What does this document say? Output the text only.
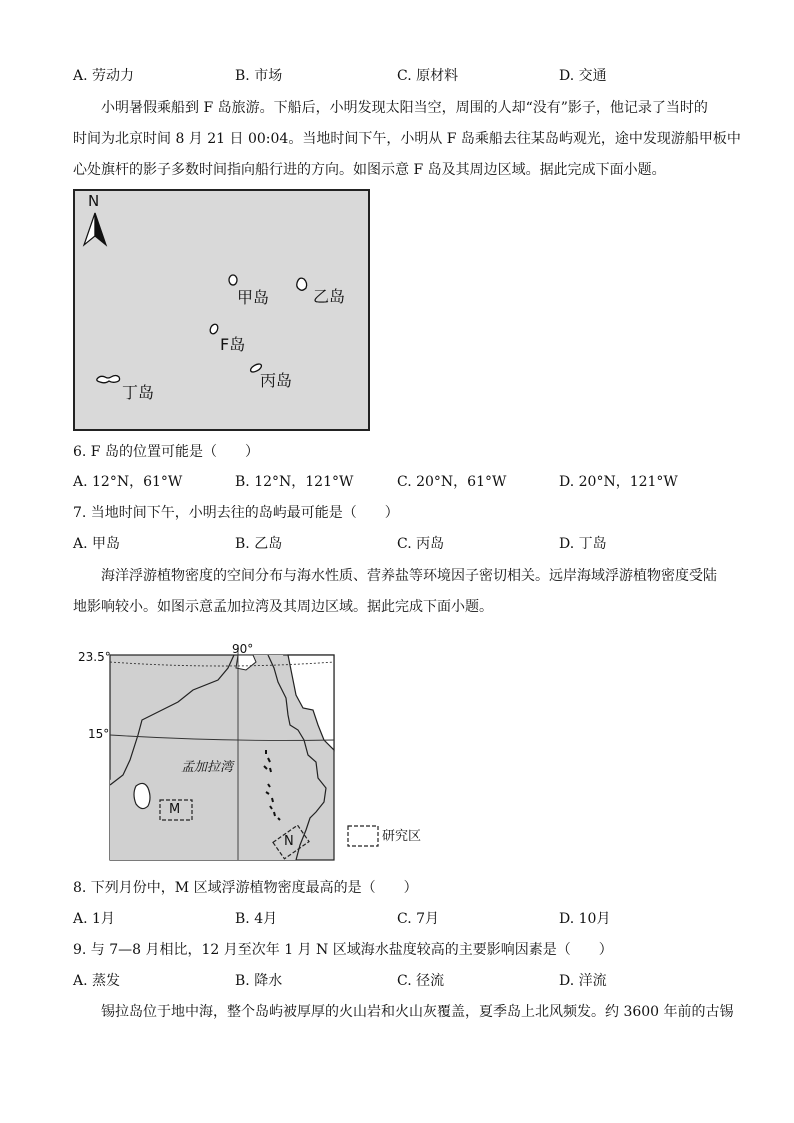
A. 劳动力	B. 市场	C. 原材料	D. 交通
小明暑假乘船到 F 岛旅游。下船后，小明发现太阳当空，周围的人却“没有”影子，他记录了当时的
时间为北京时间 8 月 21 日 00:04。当地时间下午，小明从 F 岛乘船去往某岛屿观光，途中发现游船甲板中
心处旗杆的影子多数时间指向船行进的方向。如图示意 F 岛及其周边区域。据此完成下面小题。
N
甲岛	乙岛
F岛
丙岛
丁岛
6. F 岛的位置可能是（　　）
A. 12°N，61°W	B. 12°N，121°W	C. 20°N，61°W	D. 20°N，121°W
7. 当地时间下午，小明去往的岛屿最可能是（　　）
A. 甲岛	B. 乙岛	C. 丙岛	D. 丁岛
海洋浮游植物密度的空间分布与海水性质、营养盐等环境因子密切相关。远岸海域浮游植物密度受陆
地影响较小。如图示意孟加拉湾及其周边区域。据此完成下面小题。
90°
23.5°
15°
孟加拉湾
M
N	研究区
8. 下列月份中，M 区域浮游植物密度最高的是（　　）
A. 1月	B. 4月	C. 7月	D. 10月
9. 与 7—8 月相比，12 月至次年 1 月 N 区域海水盐度较高的主要影响因素是（　　）
A. 蒸发	B. 降水	C. 径流	D. 洋流
锡拉岛位于地中海，整个岛屿被厚厚的火山岩和火山灰覆盖，夏季岛上北风频发。约 3600 年前的古锡
